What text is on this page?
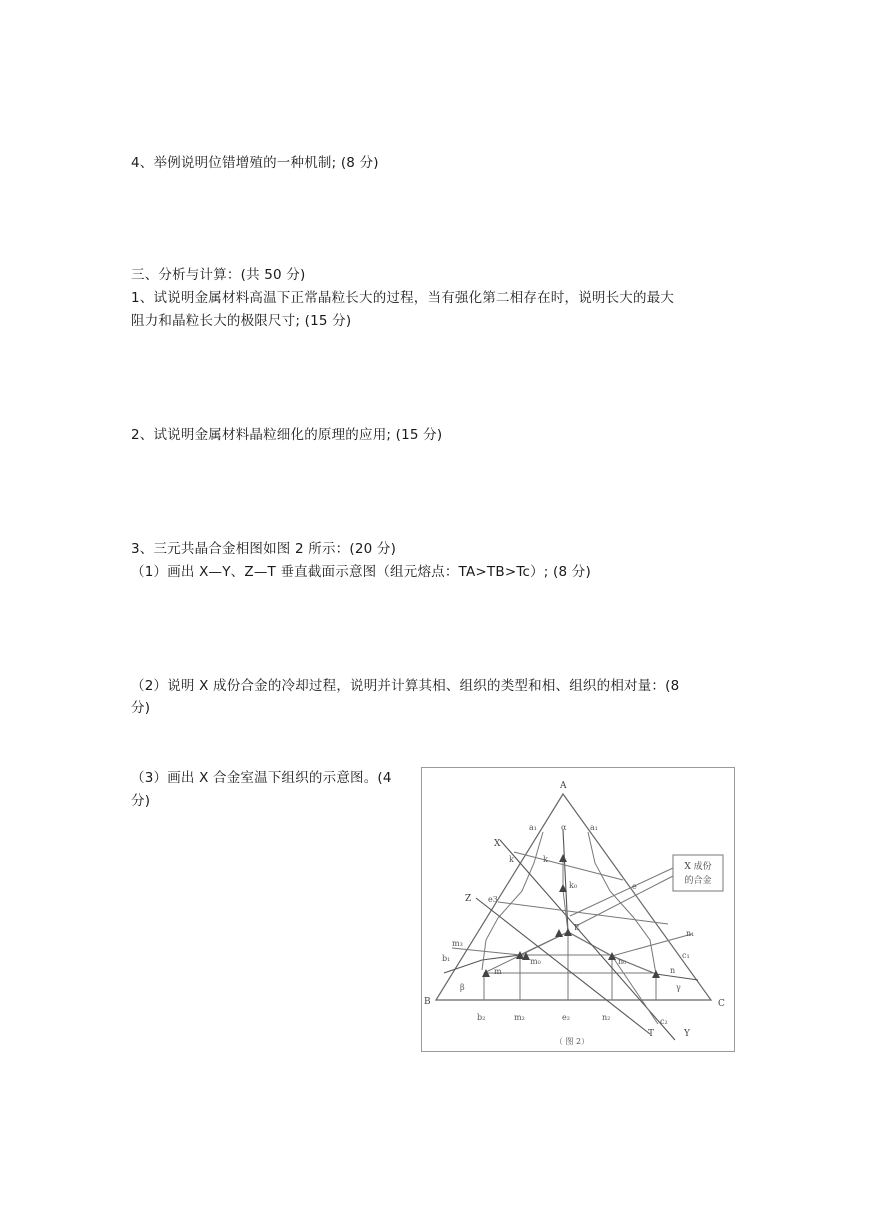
4、举例说明位错增殖的一种机制; (8 分)
三、分析与计算：(共 50 分)
1、试说明金属材料高温下正常晶粒长大的过程，当有强化第二相存在时，说明长大的最大
阻力和晶粒长大的极限尺寸; (15 分)
2、试说明金属材料晶粒细化的原理的应用; (15 分)
3、三元共晶合金相图如图 2 所示：(20 分)
（1）画出 X—Y、Z—T 垂直截面示意图（组元熔点：TA>TB>Tc）; (8 分)
（2）说明 X 成份合金的冷却过程，说明并计算其相、组织的类型和相、组织的相对量：(8
分)
（3）画出 X 合金室温下组织的示意图。(4
分)
X 成份
的合金
A
B	C
α
β	γ
a₁	a₁
k	k
k₀	e
e3
E
m₀	n₀
m	n
m₃
b₁	c₁
n₁
c₂
b₂	m₂	e₂	n₂
X
Z
T	Y
（ 图 2）
